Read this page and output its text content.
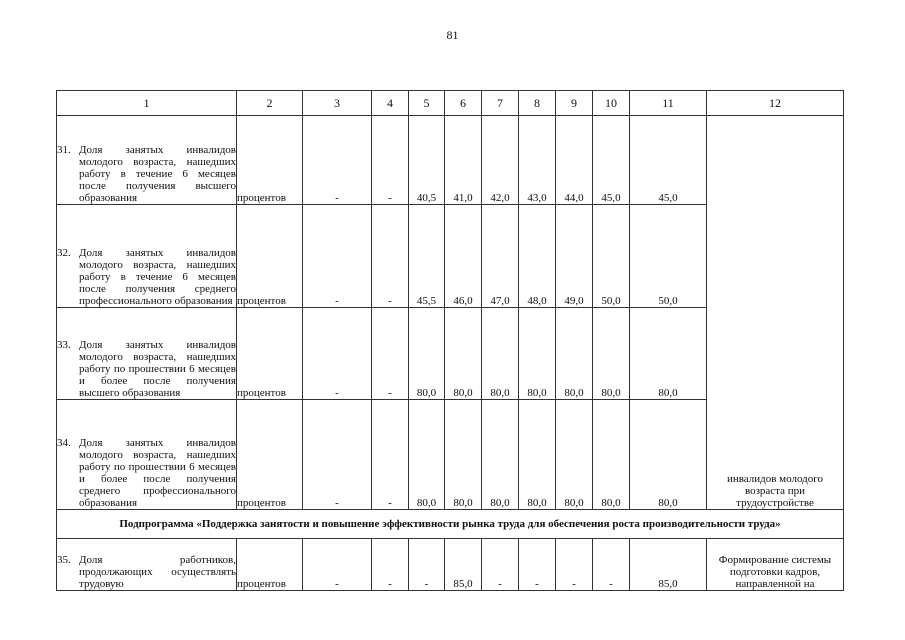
81
1	2	3	4	5	6	7	8	9	10	11	12

31. Доля занятых инвалидов молодого возраста, нашедших работу в течение 6 месяцев после получения высшего образования	процентов	-	-	40,5	41,0	42,0	43,0	44,0	45,0	45,0	инвалидов молодого возраста при трудоустройстве

32. Доля занятых инвалидов молодого возраста, нашедших работу в течение 6 месяцев после получения среднего профессионального образования	процентов	-	-	45,5	46,0	47,0	48,0	49,0	50,0	50,0	

33. Доля занятых инвалидов молодого возраста, нашедших работу по прошествии 6 месяцев и более после получения высшего образования	процентов	-	-	80,0	80,0	80,0	80,0	80,0	80,0	80,0	

34. Доля занятых инвалидов молодого возраста, нашедших работу по прошествии 6 месяцев и более после получения среднего профессионального образования	процентов	-	-	80,0	80,0	80,0	80,0	80,0	80,0	80,0	
Подпрограмма «Поддержка занятости и повышение эффективности рынка труда для обеспечения роста производительности труда»											

35. Доля работников, продолжающих осуществлять трудовую	процентов	-	-	-	85,0	-	-	-	-	85,0	Формирование системы подготовки кадров, направленной на
